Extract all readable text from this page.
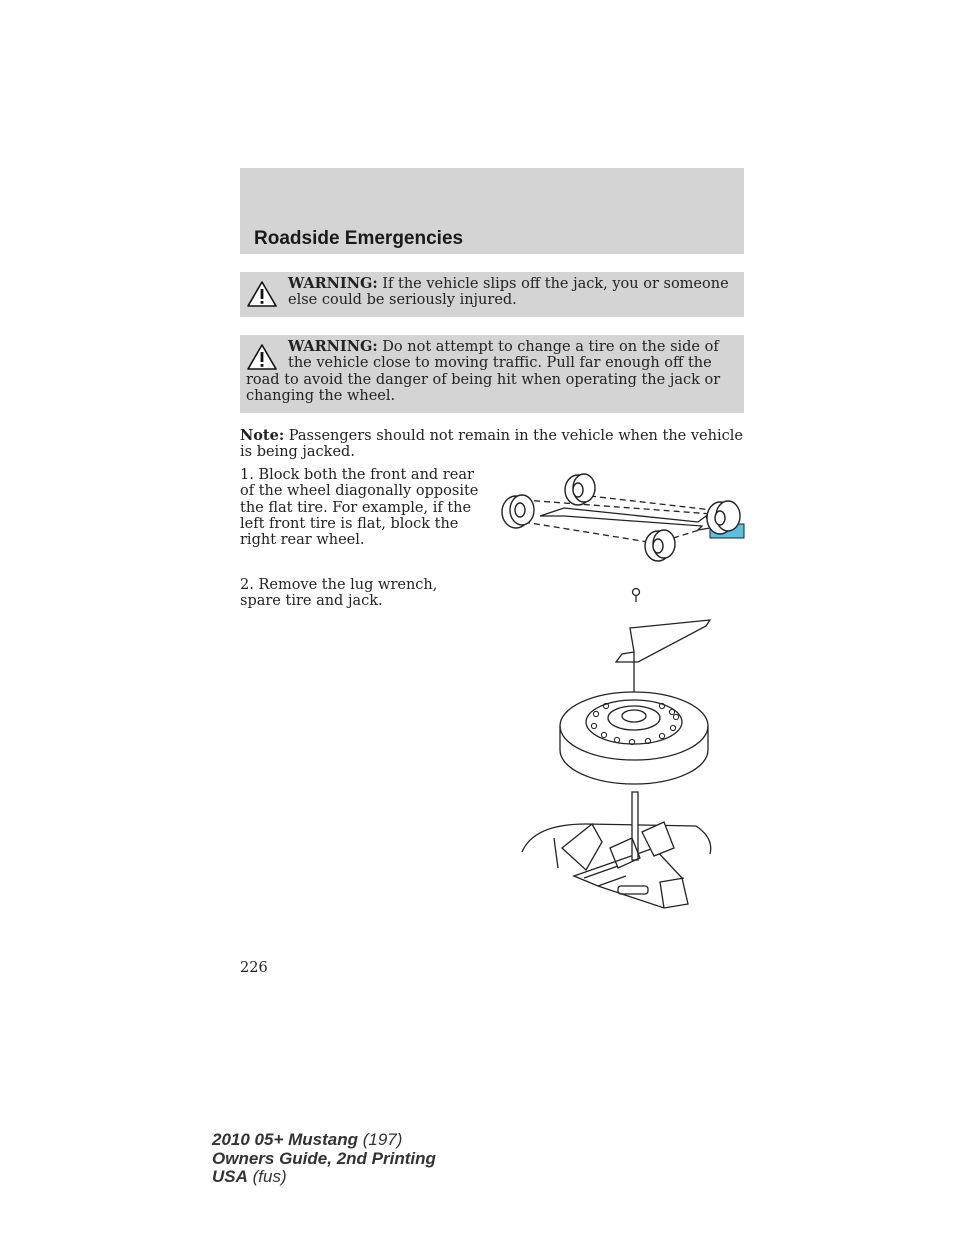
Roadside Emergencies
WARNING: If the vehicle slips off the jack, you or someone else could be seriously injured.
WARNING: Do not attempt to change a tire on the side of the vehicle close to moving traffic. Pull far enough off the road to avoid the danger of being hit when operating the jack or changing the wheel.

Note: Passengers should not remain in the vehicle when the vehicle is being jacked.

1. Block both the front and rear of the wheel diagonally opposite the flat tire. For example, if the left front tire is flat, block the right rear wheel.

2. Remove the lug wrench, spare tire and jack.

226

2010 05+ Mustang (197)
Owners Guide, 2nd Printing
USA (fus)
